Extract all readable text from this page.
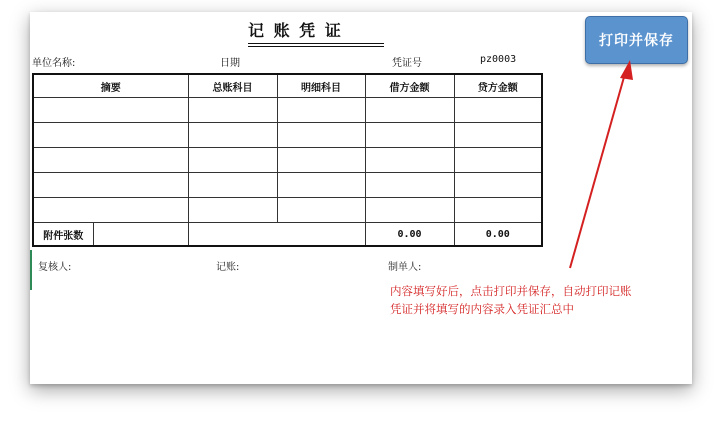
记 账 凭 证
单位名称:	日期	凭证号	pz0003
摘要		总账科目	明细科目	借方金额	贷方金额

附件张数				0.00	0.00
复核人:	记账:	制单人:
打印并保存
内容填写好后，点击打印并保存，自动打印记账
凭证并将填写的内容录入凭证汇总中
